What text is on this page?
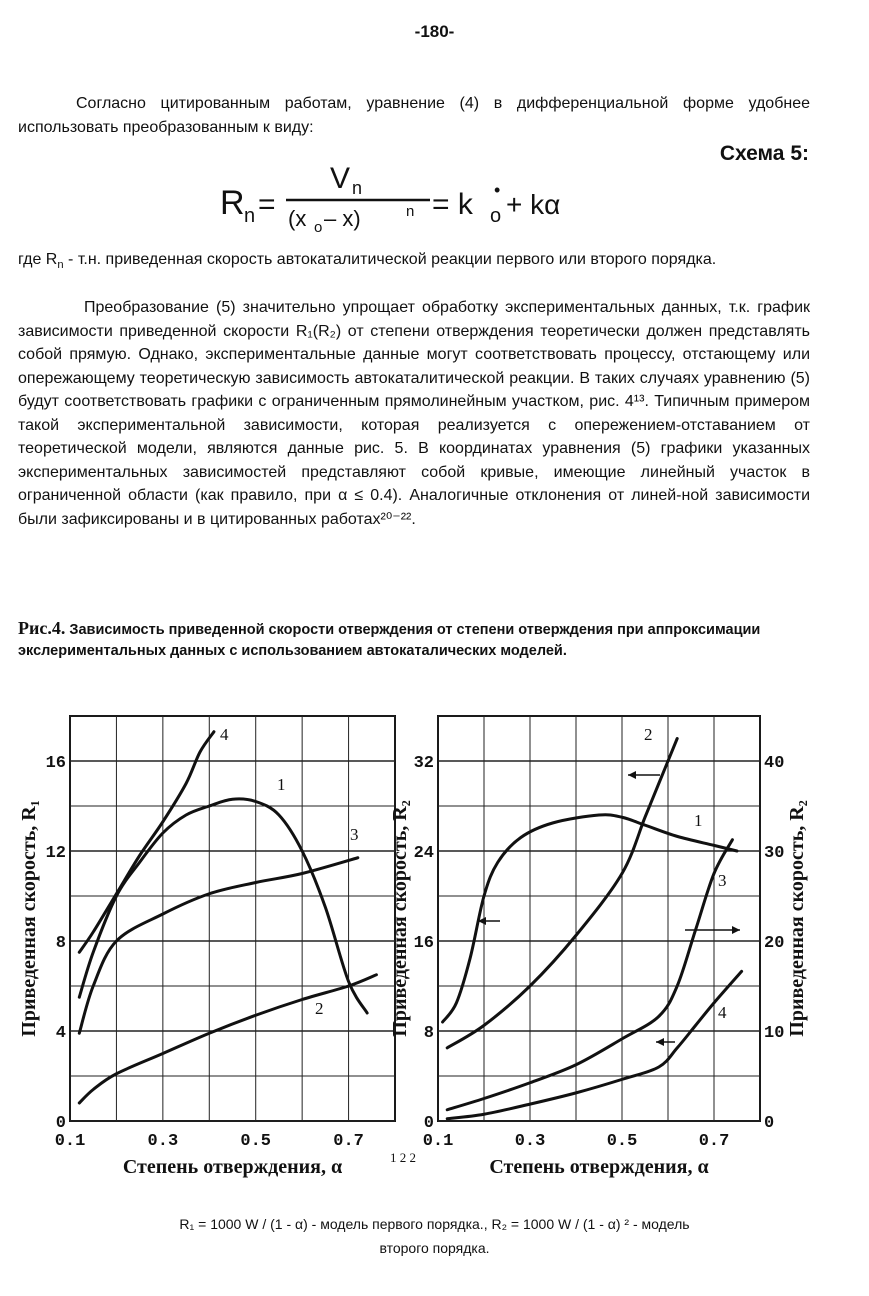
-180-
Согласно цитированным работам, уравнение (4) в дифференциальной форме удобнее использовать преобразованным к виду:
Схема 5:
R n =
V n
(x o – x)	n = k o
• + kα
где $R_n - т.н$. приведенная скорость автокаталитической реакции первого или второго порядка.
Преобразование (5) значительно упрощает обработку экспериментальных данных, т.к. график зависимости приведенной скорости R₁(R₂) от степени отверждения теоретически должен представлять собой прямую. Однако, экспериментальные данные могут соответствовать процессу, отстающему или опережающему теоретическую зависимость автокаталитической реакции. В таких случаях уравнению (5) будут соответствовать графики с ограниченным прямолинейным участком, рис. 4¹³. Типичным примером такой экспериментальной зависимости, которая реализуется с опережением-отставанием от теоретической модели, являются данные рис. 5. В координатах уравнения (5) графики указанных экспериментальных зависимостей представляют собой кривые, имеющие линейный участок в ограниченной области (как правило, при α ≤ 0.4). Аналогичные отклонения от линей-ной зависимости были зафиксированы и в цитированных работах²⁰⁻²².
Рис.4. Зависимость приведенной скорости отверждения от степени отверждения при аппроксимации экслериментальных данных с использованием автокаталических моделей.
0.1	0.3	0.5	0.7
0
4
8
12
16
Степень отверждения, α
Приведенная скорость, R₁
1
2
3
4
0.1	0.3	0.5	0.7
0
8
16
24
32
0
10
20
30
40
Степень отверждения, α
Приведенная скорость, R₂	Приведенная скорость, R₂
1
2
3
4
1 2 2
R₁ = 1000 W / (1 - α) - модель первого порядка., R₂ = 1000 W / (1 - α) ² - модель
второго порядка.
